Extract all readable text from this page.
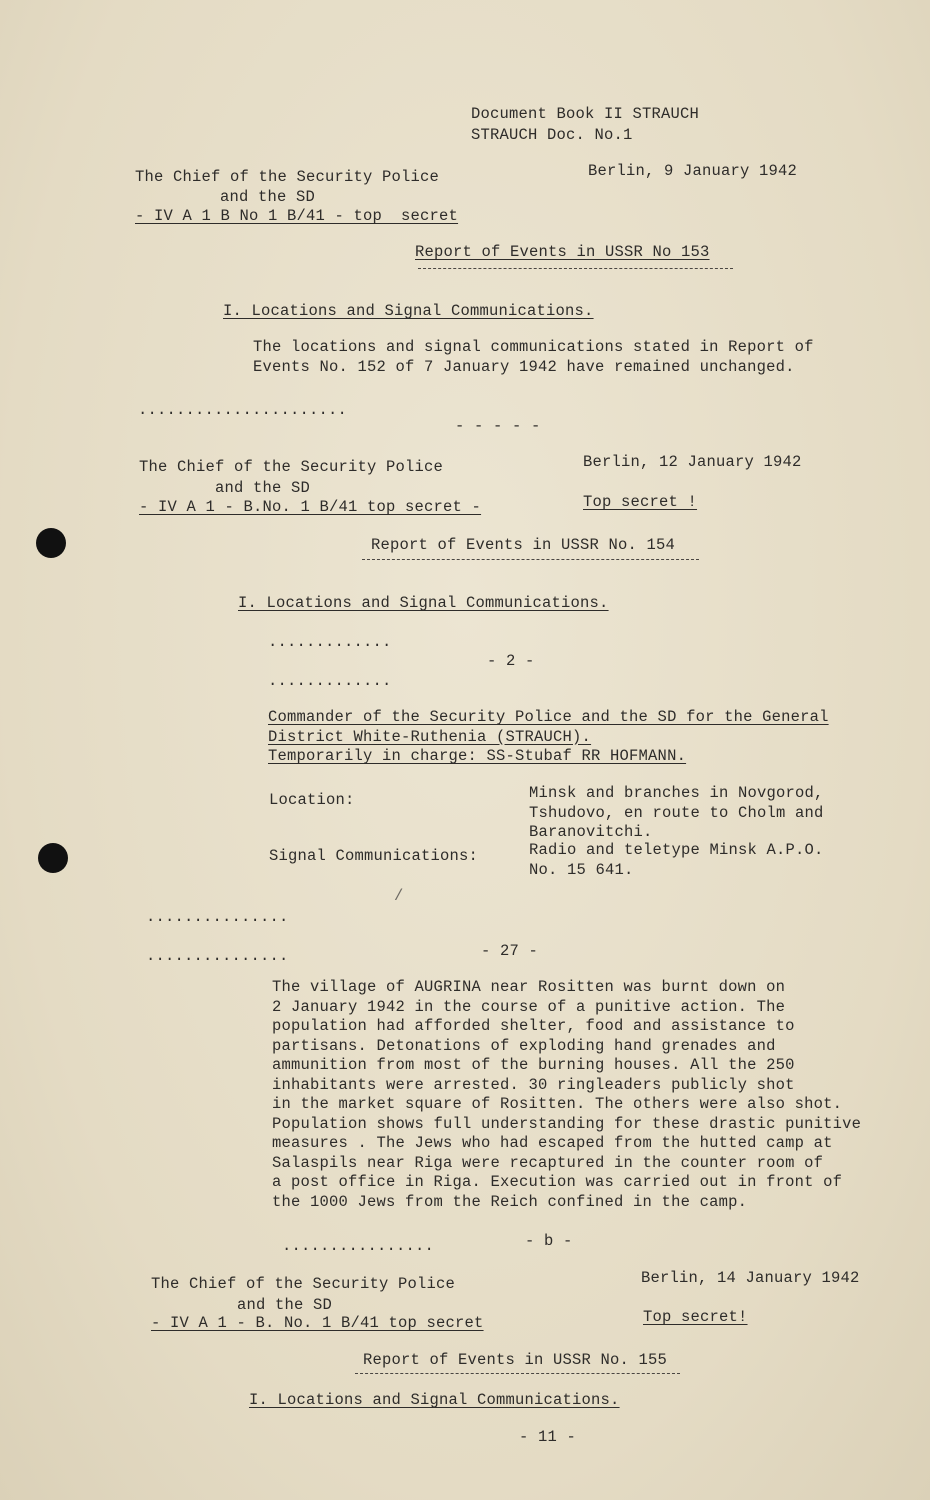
Document Book II STRAUCH
STRAUCH Doc. No.1
The Chief of the Security Police
and the SD
- IV A 1 B No 1 B/41 - top  secret
Berlin, 9 January 1942
Report of Events in USSR No 153
I. Locations and Signal Communications.
The locations and signal communications stated in Report of
Events No. 152 of 7 January 1942 have remained unchanged.
......................
- - - - -
The Chief of the Security Police
and the SD
- IV A 1 - B.No. 1 B/41 top secret -
Berlin, 12 January 1942
Top secret !
Report of Events in USSR No. 154
I. Locations and Signal Communications.
.............
- 2 -
.............
Commander of the Security Police and the SD for the General
District White-Ruthenia (STRAUCH).
Temporarily in charge: SS-Stubaf RR HOFMANN.
Location:	Minsk and branches in Novgorod,
Tshudovo, en route to Cholm and
Baranovitchi.
Signal Communications:	Radio and teletype Minsk A.P.O.
No. 15 641.
/
...............
...............	- 27 -
The village of AUGRINA near Rositten was burnt down on
2 January 1942 in the course of a punitive action. The
population had afforded shelter, food and assistance to
partisans. Detonations of exploding hand grenades and
ammunition from most of the burning houses. All the 250
inhabitants were arrested. 30 ringleaders publicly shot
in the market square of Rositten. The others were also shot.
Population shows full understanding for these drastic punitive
measures . The Jews who had escaped from the hutted camp at
Salaspils near Riga were recaptured in the counter room of
a post office in Riga. Execution was carried out in front of
the 1000 Jews from the Reich confined in the camp.
................	- b -
The Chief of the Security Police
and the SD
- IV A 1 - B. No. 1 B/41 top secret
Berlin, 14 January 1942
Top secret!
Report of Events in USSR No. 155
I. Locations and Signal Communications.
- 11 -
